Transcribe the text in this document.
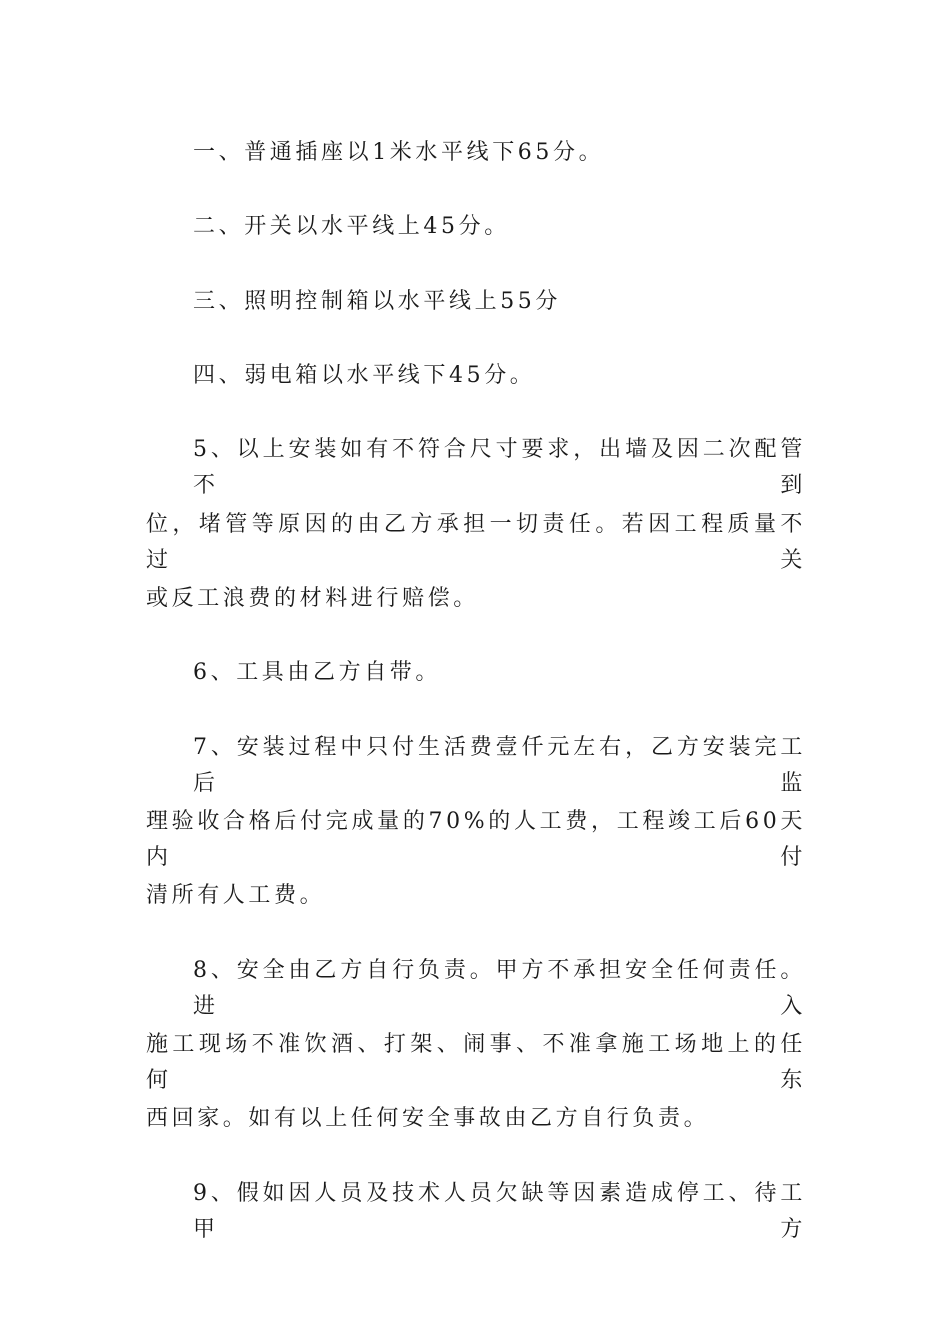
一、普通插座以1米水平线下65分。
二、开关以水平线上45分。
三、照明控制箱以水平线上55分
四、弱电箱以水平线下45分。
5、以上安装如有不符合尺寸要求，出墙及因二次配管不到
位，堵管等原因的由乙方承担一切责任。若因工程质量不过关
或反工浪费的材料进行赔偿。
6、工具由乙方自带。
7、安装过程中只付生活费壹仟元左右，乙方安装完工后监
理验收合格后付完成量的70%的人工费，工程竣工后60天内付
清所有人工费。
8、安全由乙方自行负责。甲方不承担安全任何责任。进入
施工现场不准饮酒、打架、闹事、不准拿施工场地上的任何东
西回家。如有以上任何安全事故由乙方自行负责。
9、假如因人员及技术人员欠缺等因素造成停工、待工甲方
